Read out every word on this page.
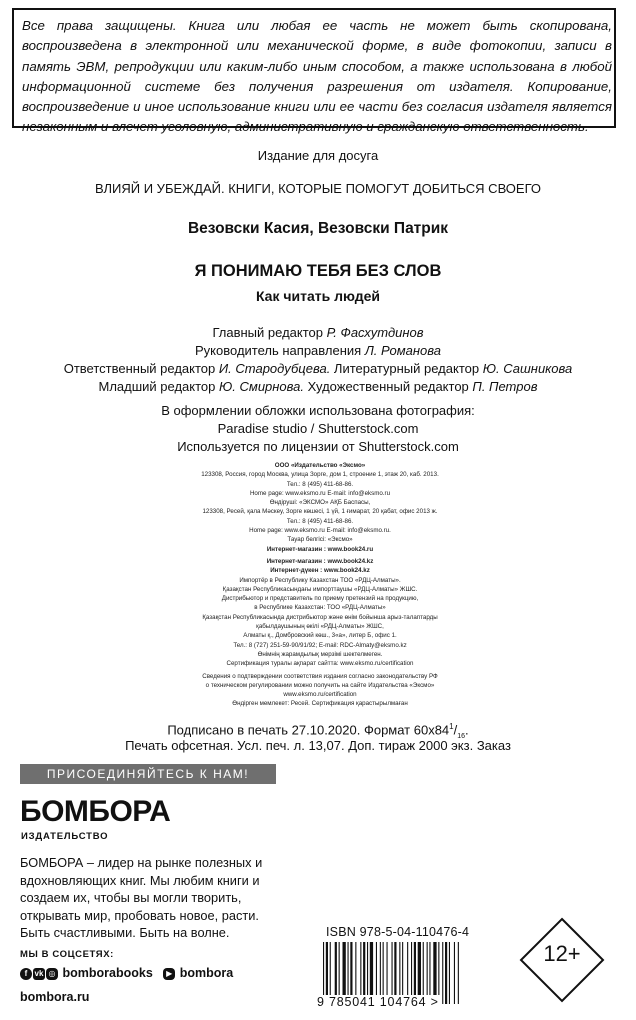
Все права защищены. Книга или любая ее часть не может быть скопирована, воспроизведена в электронной или механической форме, в виде фотокопии, записи в память ЭВМ, репродукции или каким-либо иным способом, а также использована в любой информационной системе без получения разрешения от издателя. Копирование, воспроизведение и иное использование книги или ее части без согласия издателя является незаконным и влечет уголовную, административную и гражданскую ответственность.
Издание для досуга
ВЛИЯЙ И УБЕЖДАЙ. КНИГИ, КОТОРЫЕ ПОМОГУТ ДОБИТЬСЯ СВОЕГО
Везовски Касия, Везовски Патрик
Я ПОНИМАЮ ТЕБЯ БЕЗ СЛОВ
Как читать людей
Главный редактор Р. Фасхутдинов
Руководитель направления Л. Романова
Ответственный редактор И. Стародубцева. Литературный редактор Ю. Сашникова
Младший редактор Ю. Смирнова. Художественный редактор П. Петров
В оформлении обложки использована фотография:
Paradise studio / Shutterstock.com
Используется по лицензии от Shutterstock.com
ООО «Издательство «Эксмо»
123308, Россия, город Москва, улица Зорге, дом 1, строение 1, этаж 20, каб. 2013.
Тел.: 8 (495) 411-68-86.
Home page: www.eksmo.ru E-mail: info@eksmo.ru
Өндіруші: «ЭКСМО» АҚБ Баспасы,
123308, Ресей, қала Мәскеу, Зорге көшесі, 1 үй, 1 ғимарат, 20 қабат, офис 2013 ж.
Тел.: 8 (495) 411-68-86.
Home page: www.eksmo.ru E-mail: info@eksmo.ru.
Тауар белгісі: «Эксмо»
Интернет-магазин : www.book24.ru
Интернет-магазин : www.book24.kz
Интернет-дүкен : www.book24.kz
Импортёр в Республику Казахстан ТОО «РДЦ-Алматы».
Қазақстан Республикасындағы импорттаушы «РДЦ-Алматы» ЖШС.
Дистрибьютор и представитель по приему претензий на продукцию,
в Республике Казахстан: ТОО «РДЦ-Алматы»
Қазақстан Республикасында дистрибьютор және өнім бойынша арыз-талаптарды
қабылдаушының өкілі «РДЦ-Алматы» ЖШС,
Алматы қ., Домбровский көш., 3«а», литер Б, офис 1.
Тел.: 8 (727) 251-59-90/91/92; E-mail: RDC-Almaty@eksmo.kz
Өнімнің жарамдылық мерзімі шектелмеген.
Сертификация туралы ақпарат сайтта: www.eksmo.ru/certification
Сведения о подтверждении соответствия издания согласно законодательству РФ
о техническом регулировании можно получить на сайте Издательства «Эксмо»
www.eksmo.ru/certification
Өндірген мемлекет: Ресей. Сертификация қарастырылмаған
Подписано в печать 27.10.2020. Формат $60х84^1/_{16}$.
Печать офсетная. Усл. печ. л. 13,07. Доп. тираж 2000 экз. Заказ
ПРИСОЕДИНЯЙТЕСЬ К НАМ!
БОМБОРА
ИЗДАТЕЛЬСТВО
БОМБОРА – лидер на рынке полезных и вдохновляющих книг. Мы любим книги и создаем их, чтобы вы могли творить, открывать мир, пробовать новое, расти. Быть счастливыми. Быть на волне.
МЫ В СОЦСЕТЯХ:
f vk ◎ bomborabooks ▶ bombora
bombora.ru
ISBN 978-5-04-110476-4
9 785041 104764 >
12+
